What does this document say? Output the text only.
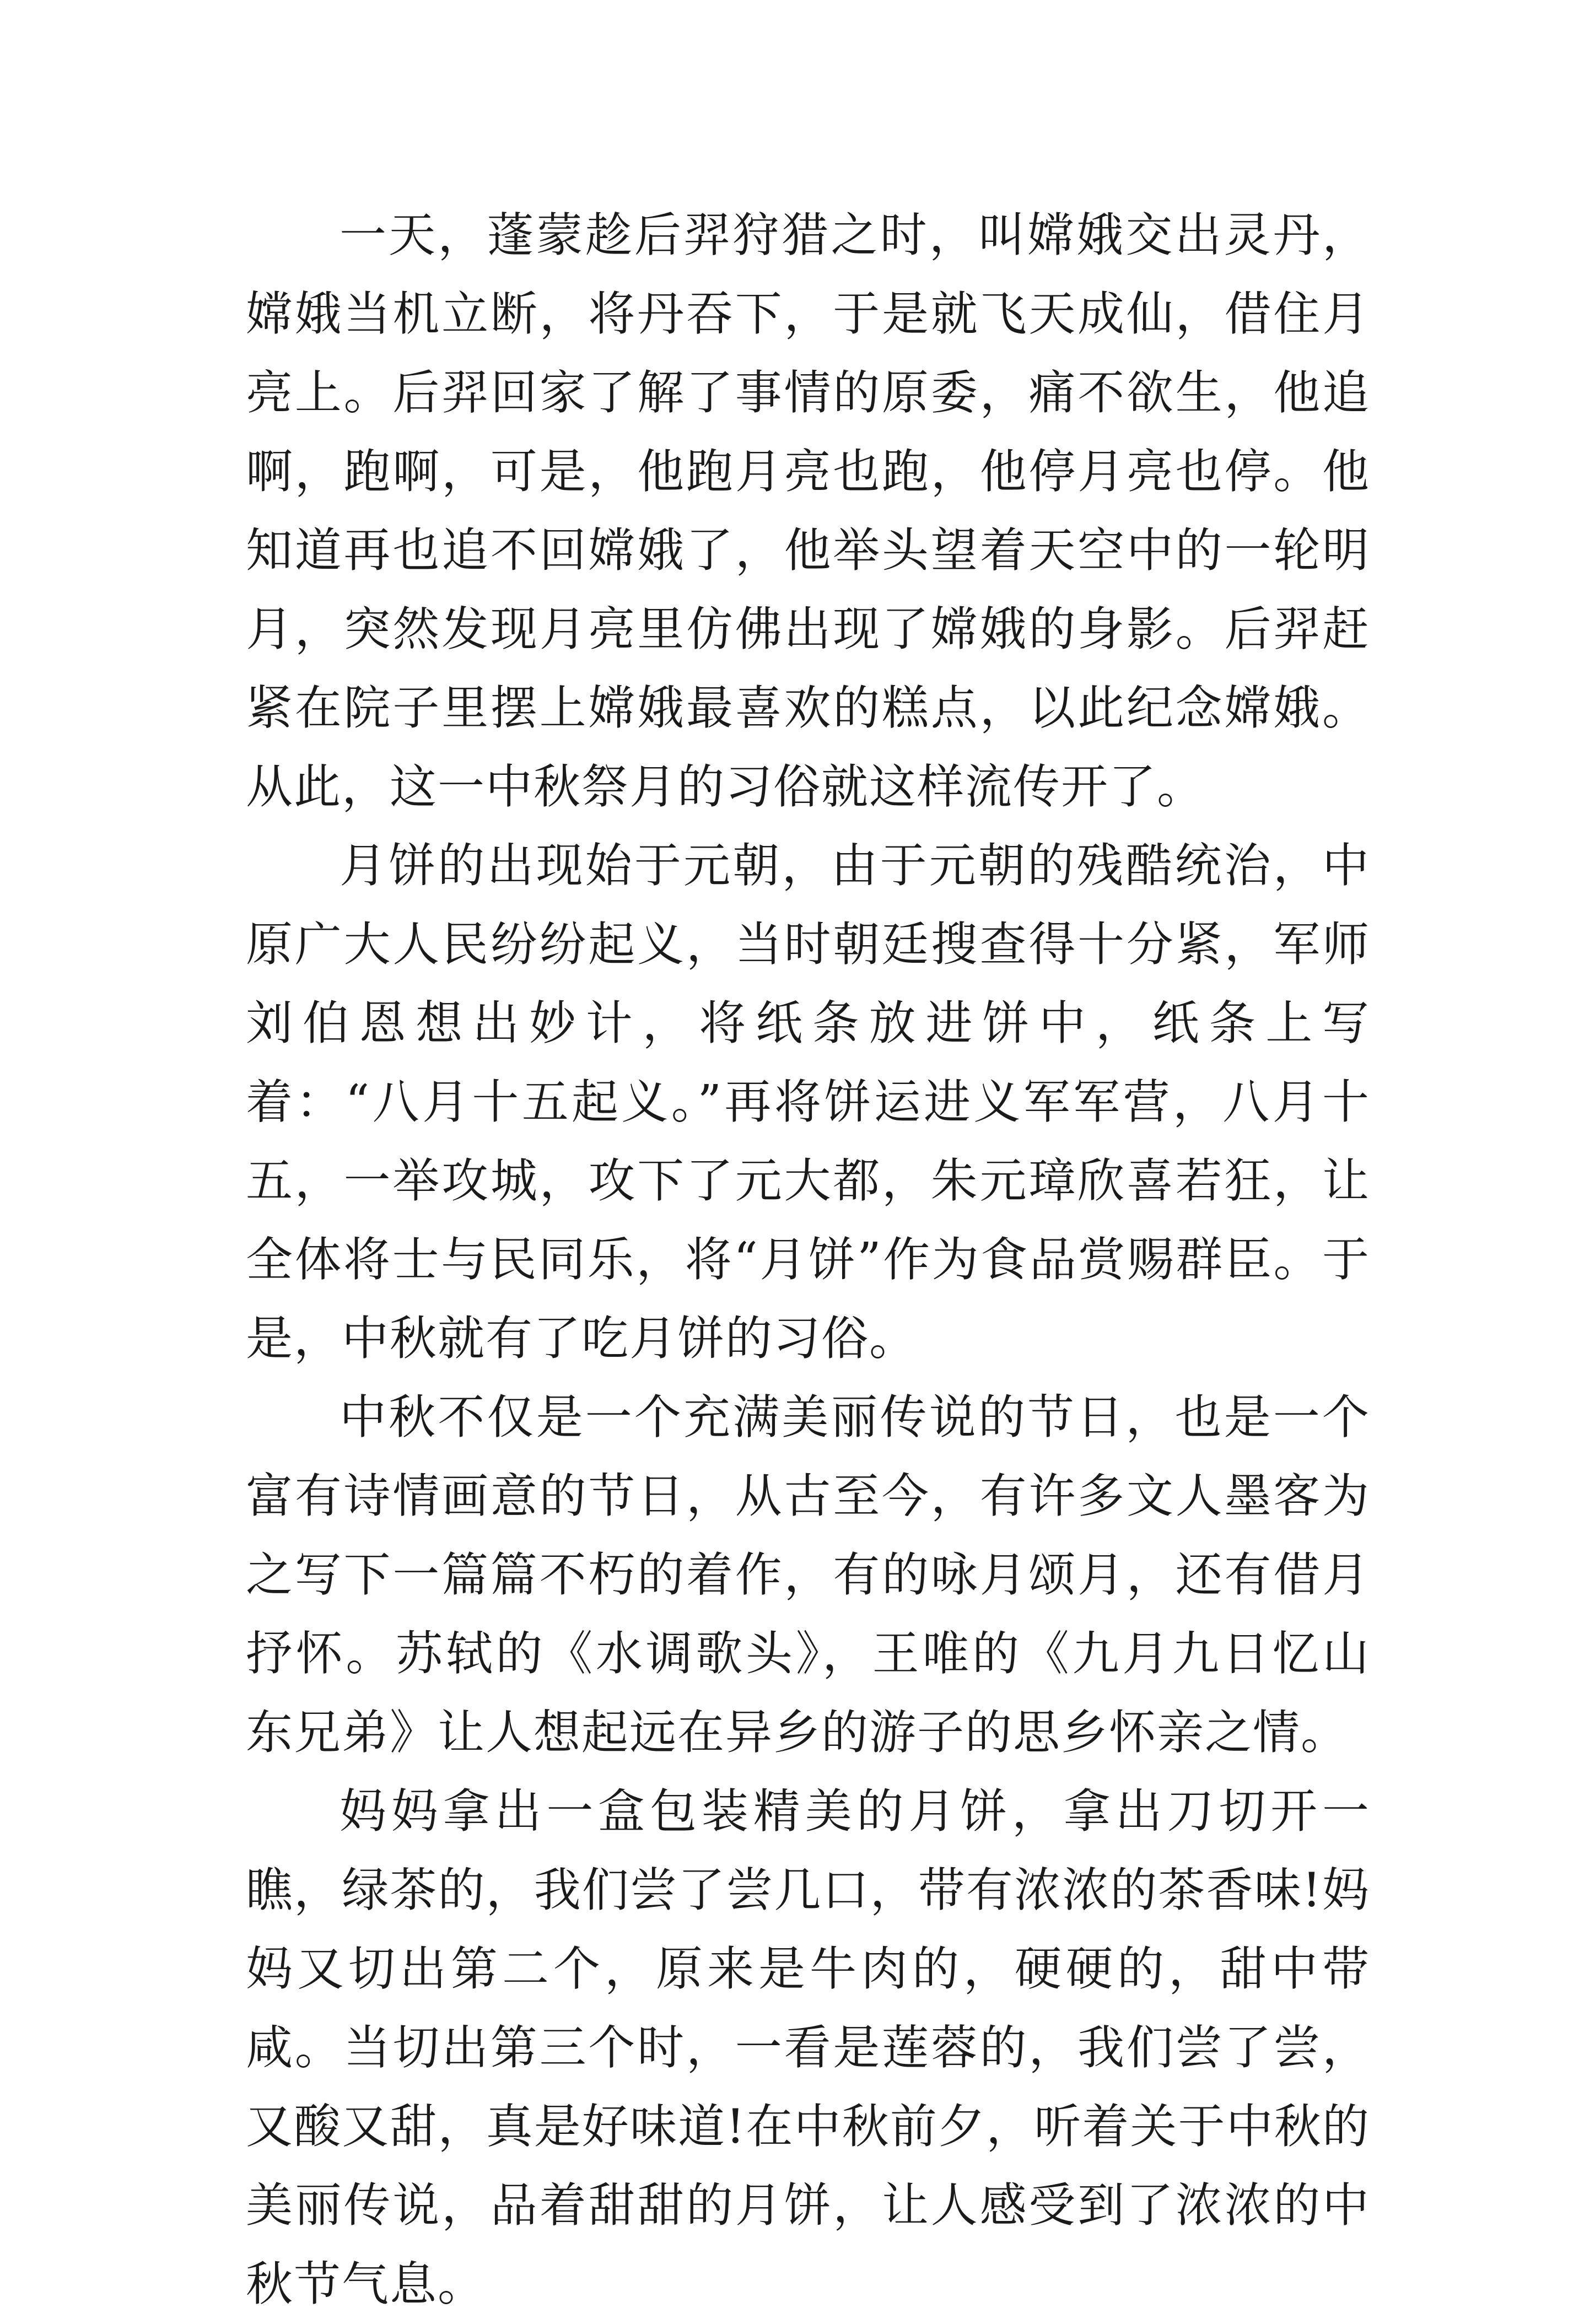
一天，蓬蒙趁后羿狩猎之时，叫嫦娥交出灵丹，嫦娥当机立断，将丹吞下，于是就飞天成仙，借住月亮上。后羿回家了解了事情的原委，痛不欲生，他追啊，跑啊，可是，他跑月亮也跑，他停月亮也停。他知道再也追不回嫦娥了，他举头望着天空中的一轮明月，突然发现月亮里仿佛出现了嫦娥的身影。后羿赶紧在院子里摆上嫦娥最喜欢的糕点，以此纪念嫦娥。从此，这一中秋祭月的习俗就这样流传开了。

月饼的出现始于元朝，由于元朝的残酷统治，中原广大人民纷纷起义，当时朝廷搜查得十分紧，军师刘伯恩想出妙计，将纸条放进饼中，纸条上写着：“八月十五起义。”再将饼运进义军军营，八月十五，一举攻城，攻下了元大都，朱元璋欣喜若狂，让全体将士与民同乐，将“月饼”作为食品赏赐群臣。于是，中秋就有了吃月饼的习俗。

中秋不仅是一个充满美丽传说的节日，也是一个富有诗情画意的节日，从古至今，有许多文人墨客为之写下一篇篇不朽的着作，有的咏月颂月，还有借月抒怀。苏轼的《水调歌头》，王唯的《九月九日忆山东兄弟》让人想起远在异乡的游子的思乡怀亲之情。

妈妈拿出一盒包装精美的月饼，拿出刀切开一瞧，绿茶的，我们尝了尝几口，带有浓浓的茶香味!妈妈又切出第二个，原来是牛肉的，硬硬的，甜中带咸。当切出第三个时，一看是莲蓉的，我们尝了尝，又酸又甜，真是好味道!在中秋前夕，听着关于中秋的美丽传说，品着甜甜的月饼，让人感受到了浓浓的中秋节气息。
